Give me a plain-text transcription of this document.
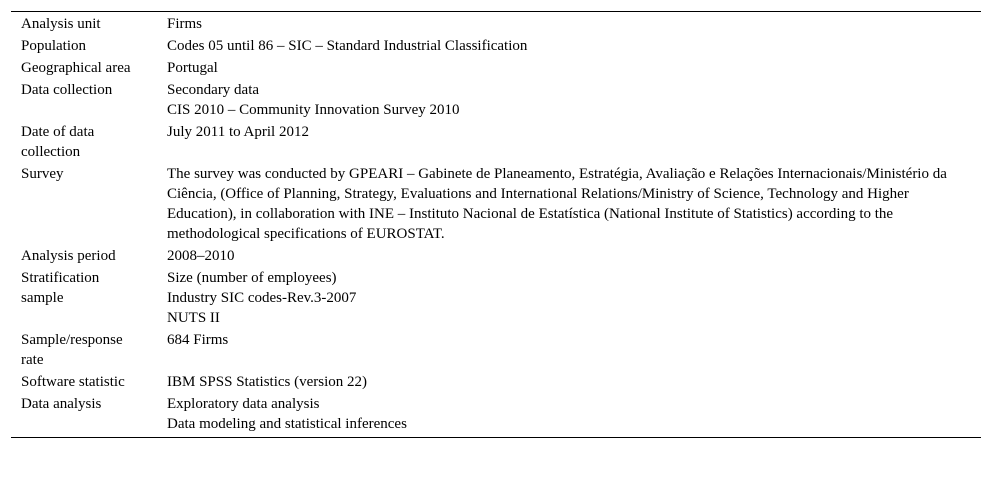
Analysis unit	Firms

Population	Codes 05 until 86 – SIC – Standard Industrial Classification

Geographical area	Portugal

Data collection	Secondary data
CIS 2010 – Community Innovation Survey 2010

Date of data collection	July 2011 to April 2012

Survey	The survey was conducted by GPEARI – Gabinete de Planeamento, Estratégia, Avaliação e Relações Internacionais/Ministério da Ciência, (Office of Planning, Strategy, Evaluations and International Relations/Ministry of Science, Technology and Higher Education), in collaboration with INE – Instituto Nacional de Estatística (National Institute of Statistics) according to the methodological specifications of EUROSTAT.

Analysis period	2008–2010

Stratification sample	Size (number of employees)
Industry SIC codes-Rev.3-2007
NUTS II

Sample/response rate	684 Firms

Software statistic	IBM SPSS Statistics (version 22)

Data analysis	Exploratory data analysis
Data modeling and statistical inferences
